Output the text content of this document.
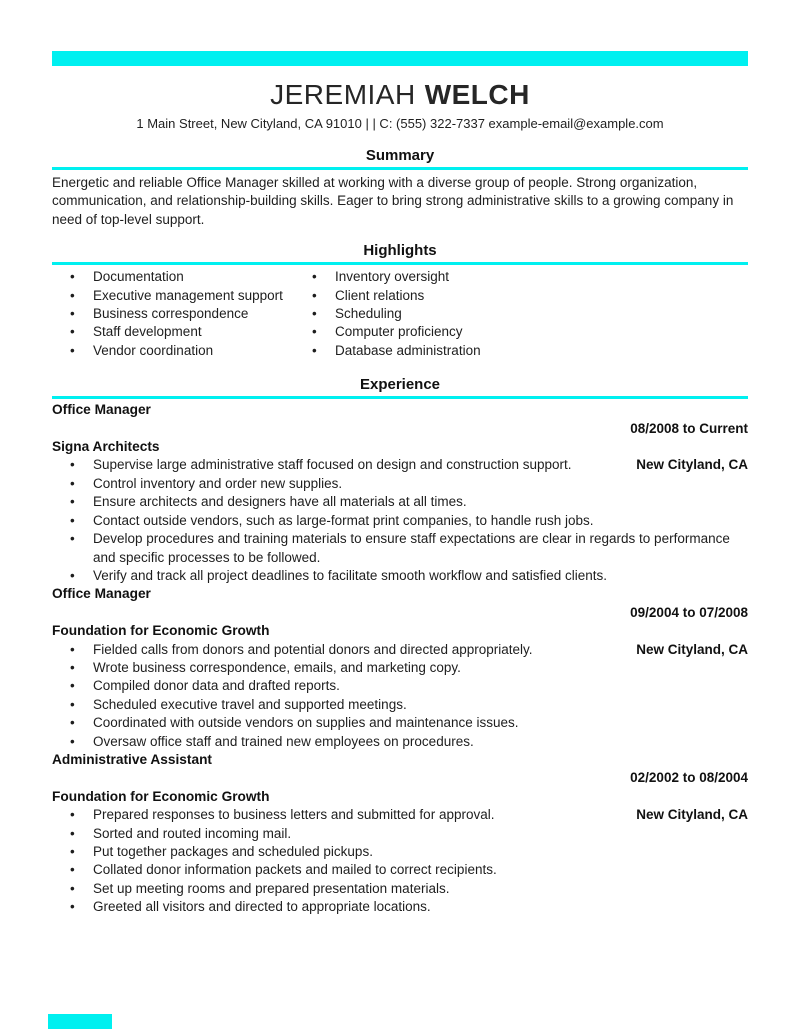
JEREMIAH WELCH
1 Main Street, New Cityland, CA 91010 | | C: (555) 322-7337 example-email@example.com
Summary

Energetic and reliable Office Manager skilled at working with a diverse group of people. Strong organization, communication, and relationship-building skills. Eager to bring strong administrative skills to a growing company in need of top-level support.

Highlights
•	Documentation
•	Executive management support
•	Business correspondence
•	Staff development
•	Vendor coordination
•	Inventory oversight
•	Client relations
•	Scheduling
•	Computer proficiency
•	Database administration
Experience
Office Manager
08/2008 to Current
Signa Architects
•	Supervise large administrative staff focused on design and construction support.	New Cityland, CA
•	Control inventory and order new supplies.
•	Ensure architects and designers have all materials at all times.
•	Contact outside vendors, such as large-format print companies, to handle rush jobs.
•	Develop procedures and training materials to ensure staff expectations are clear in regards to performance and specific processes to be followed.
•	Verify and track all project deadlines to facilitate smooth workflow and satisfied clients.
Office Manager
09/2004 to 07/2008
Foundation for Economic Growth
•	Fielded calls from donors and potential donors and directed appropriately.	New Cityland, CA
•	Wrote business correspondence, emails, and marketing copy.
•	Compiled donor data and drafted reports.
•	Scheduled executive travel and supported meetings.
•	Coordinated with outside vendors on supplies and maintenance issues.
•	Oversaw office staff and trained new employees on procedures.
Administrative Assistant
02/2002 to 08/2004
Foundation for Economic Growth
•	Prepared responses to business letters and submitted for approval.	New Cityland, CA
•	Sorted and routed incoming mail.
•	Put together packages and scheduled pickups.
•	Collated donor information packets and mailed to correct recipients.
•	Set up meeting rooms and prepared presentation materials.
•	Greeted all visitors and directed to appropriate locations.
